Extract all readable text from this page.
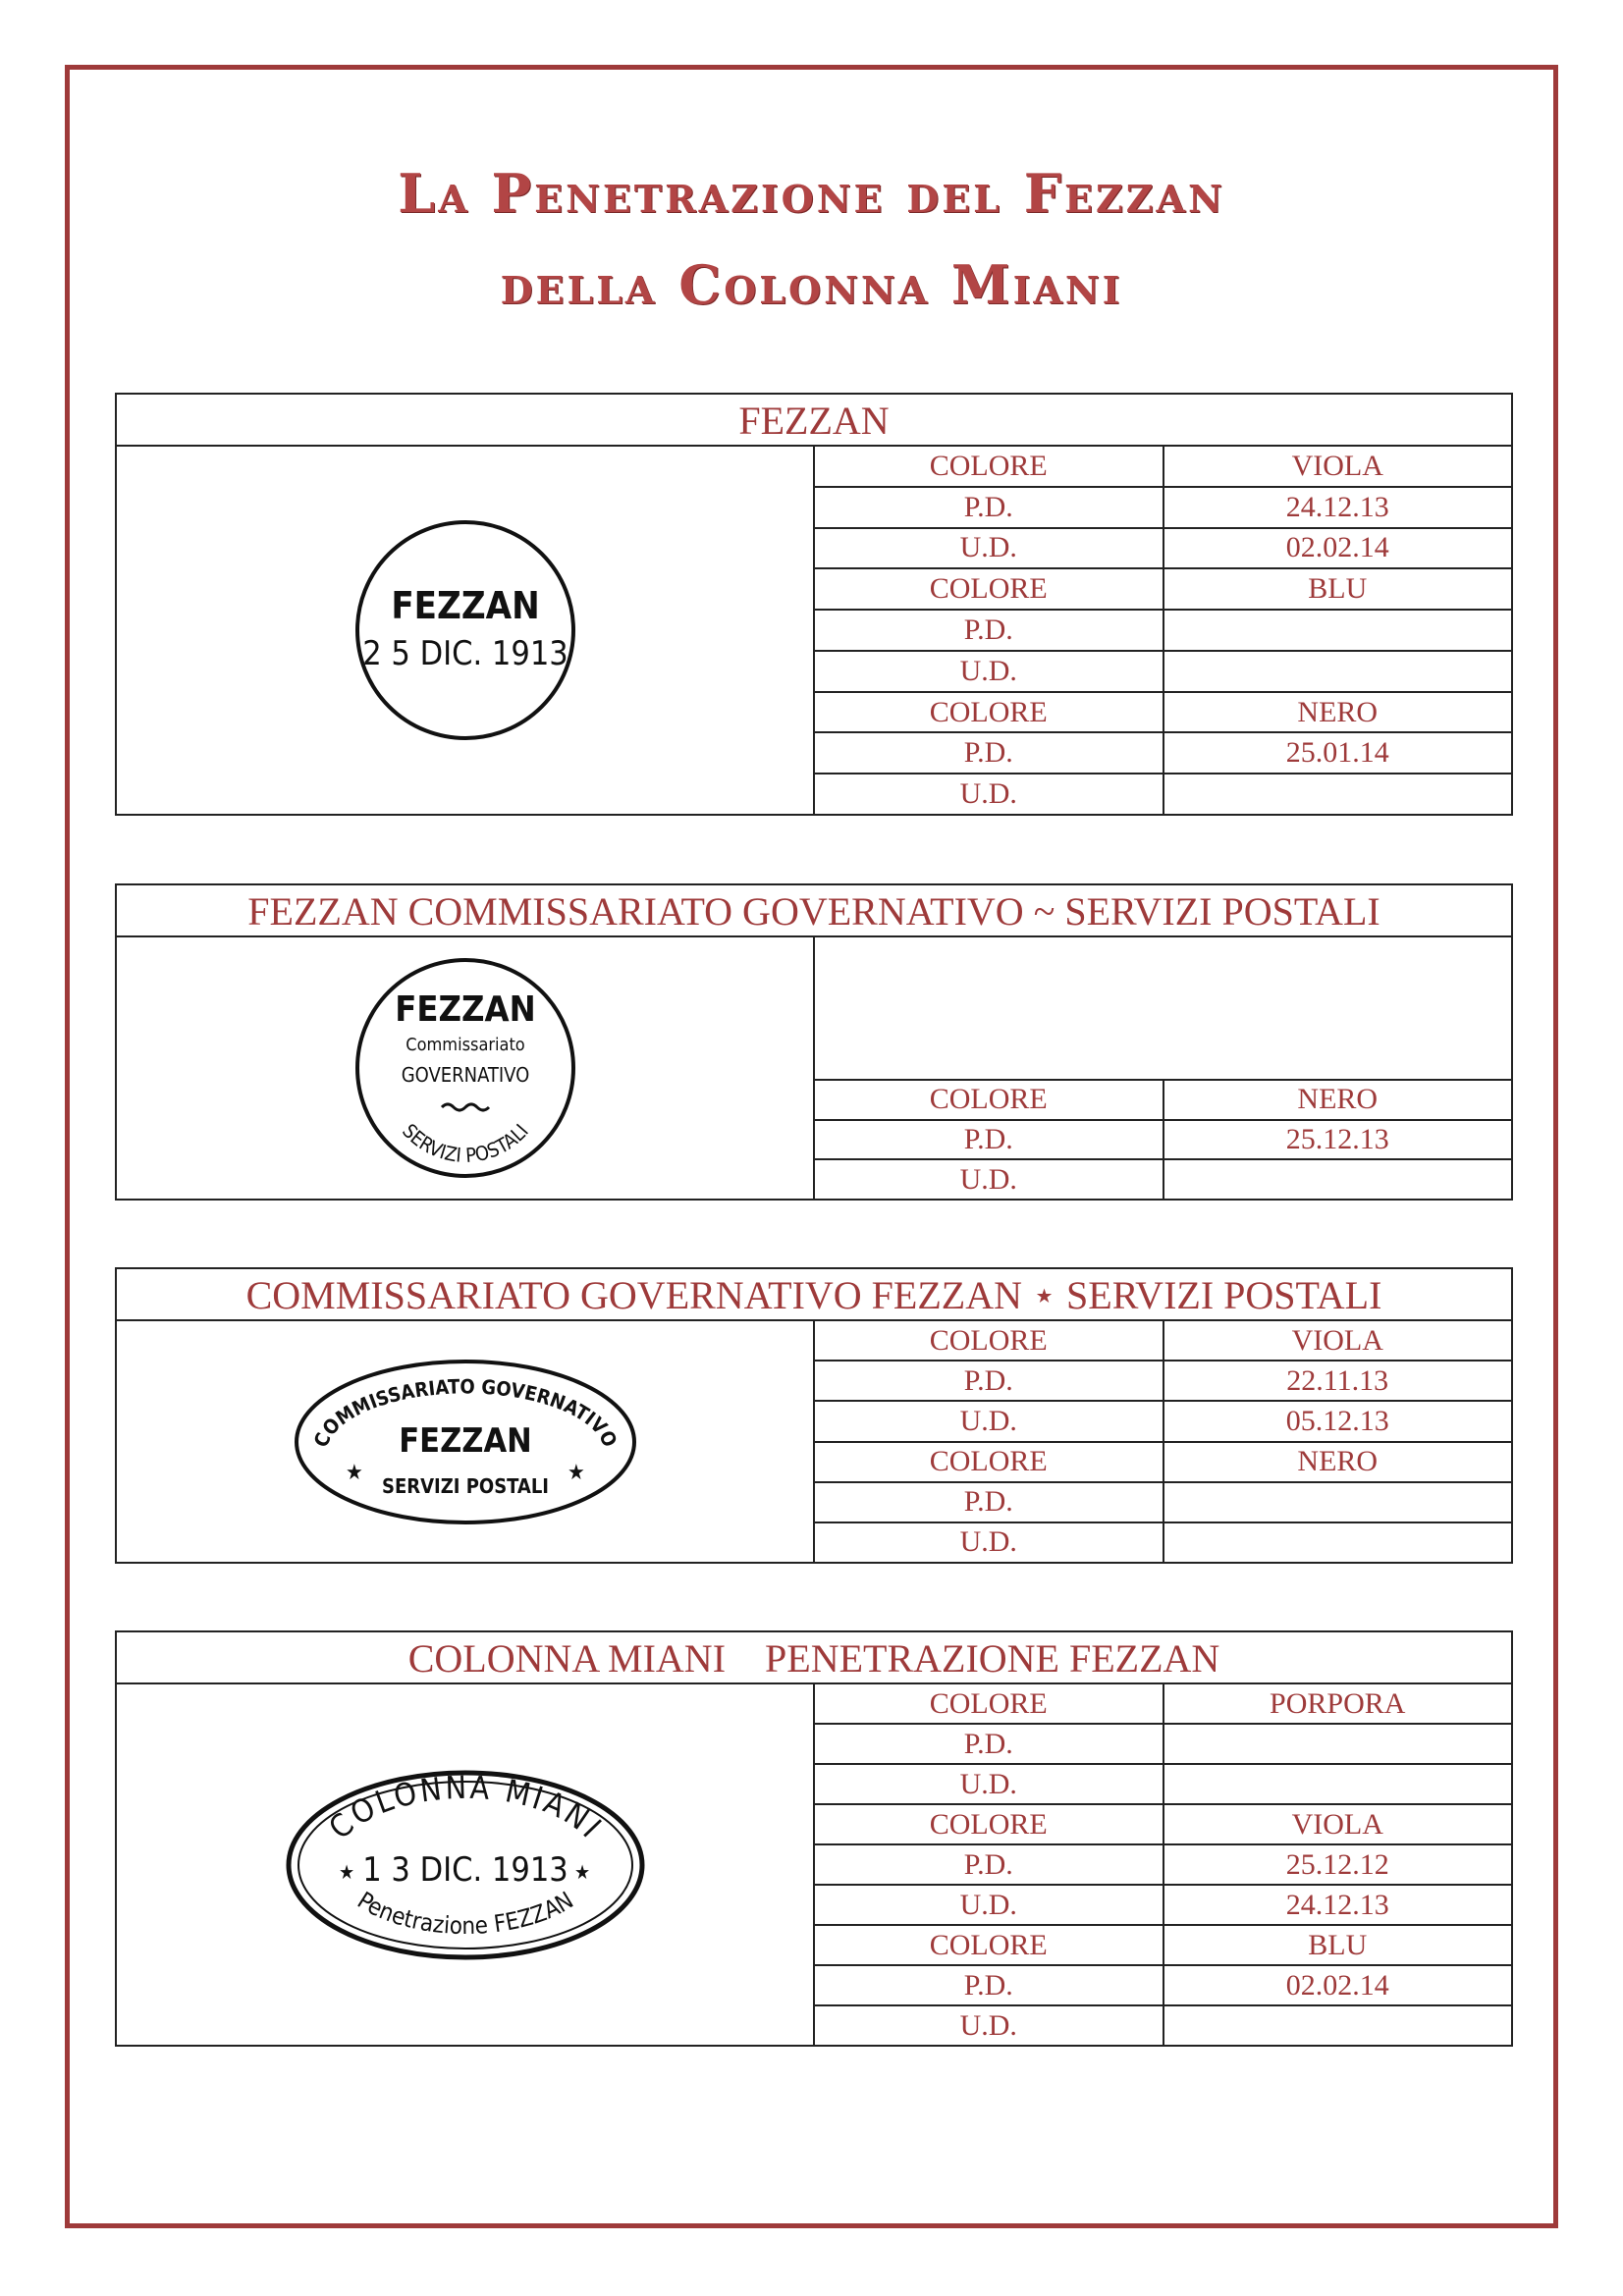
La Penetrazione del Fezzan
della Colonna Miani
FEZZAN
FEZZAN
2 5 DIC. 1913
COLORE	VIOLA
P.D.	24.12.13
U.D.	02.02.14
COLORE	BLU
P.D.
U.D.
COLORE	NERO
P.D.	25.01.14
U.D.
FEZZAN COMMISSARIATO GOVERNATIVO ~ SERVIZI POSTALI
FEZZAN
Commissariato
GOVERNATIVO
SERVIZI POSTALI
COLORE	NERO
P.D.	25.12.13
U.D.
COMMISSARIATO GOVERNATIVO FEZZAN ⋆ SERVIZI POSTALI
COMMISSARIATO GOVERNATIVO
FEZZAN
★	★
SERVIZI POSTALI
COLORE	VIOLA
P.D.	22.11.13
U.D.	05.12.13
COLORE	NERO
P.D.
U.D.
COLONNA MIANI    PENETRAZIONE FEZZAN
COLONNA MIANI
★ 1 3 DIC. 1913 ★
Penetrazione FEZZAN
COLORE	PORPORA
P.D.
U.D.
COLORE	VIOLA
P.D.	25.12.12
U.D.	24.12.13
COLORE	BLU
P.D.	02.02.14
U.D.
